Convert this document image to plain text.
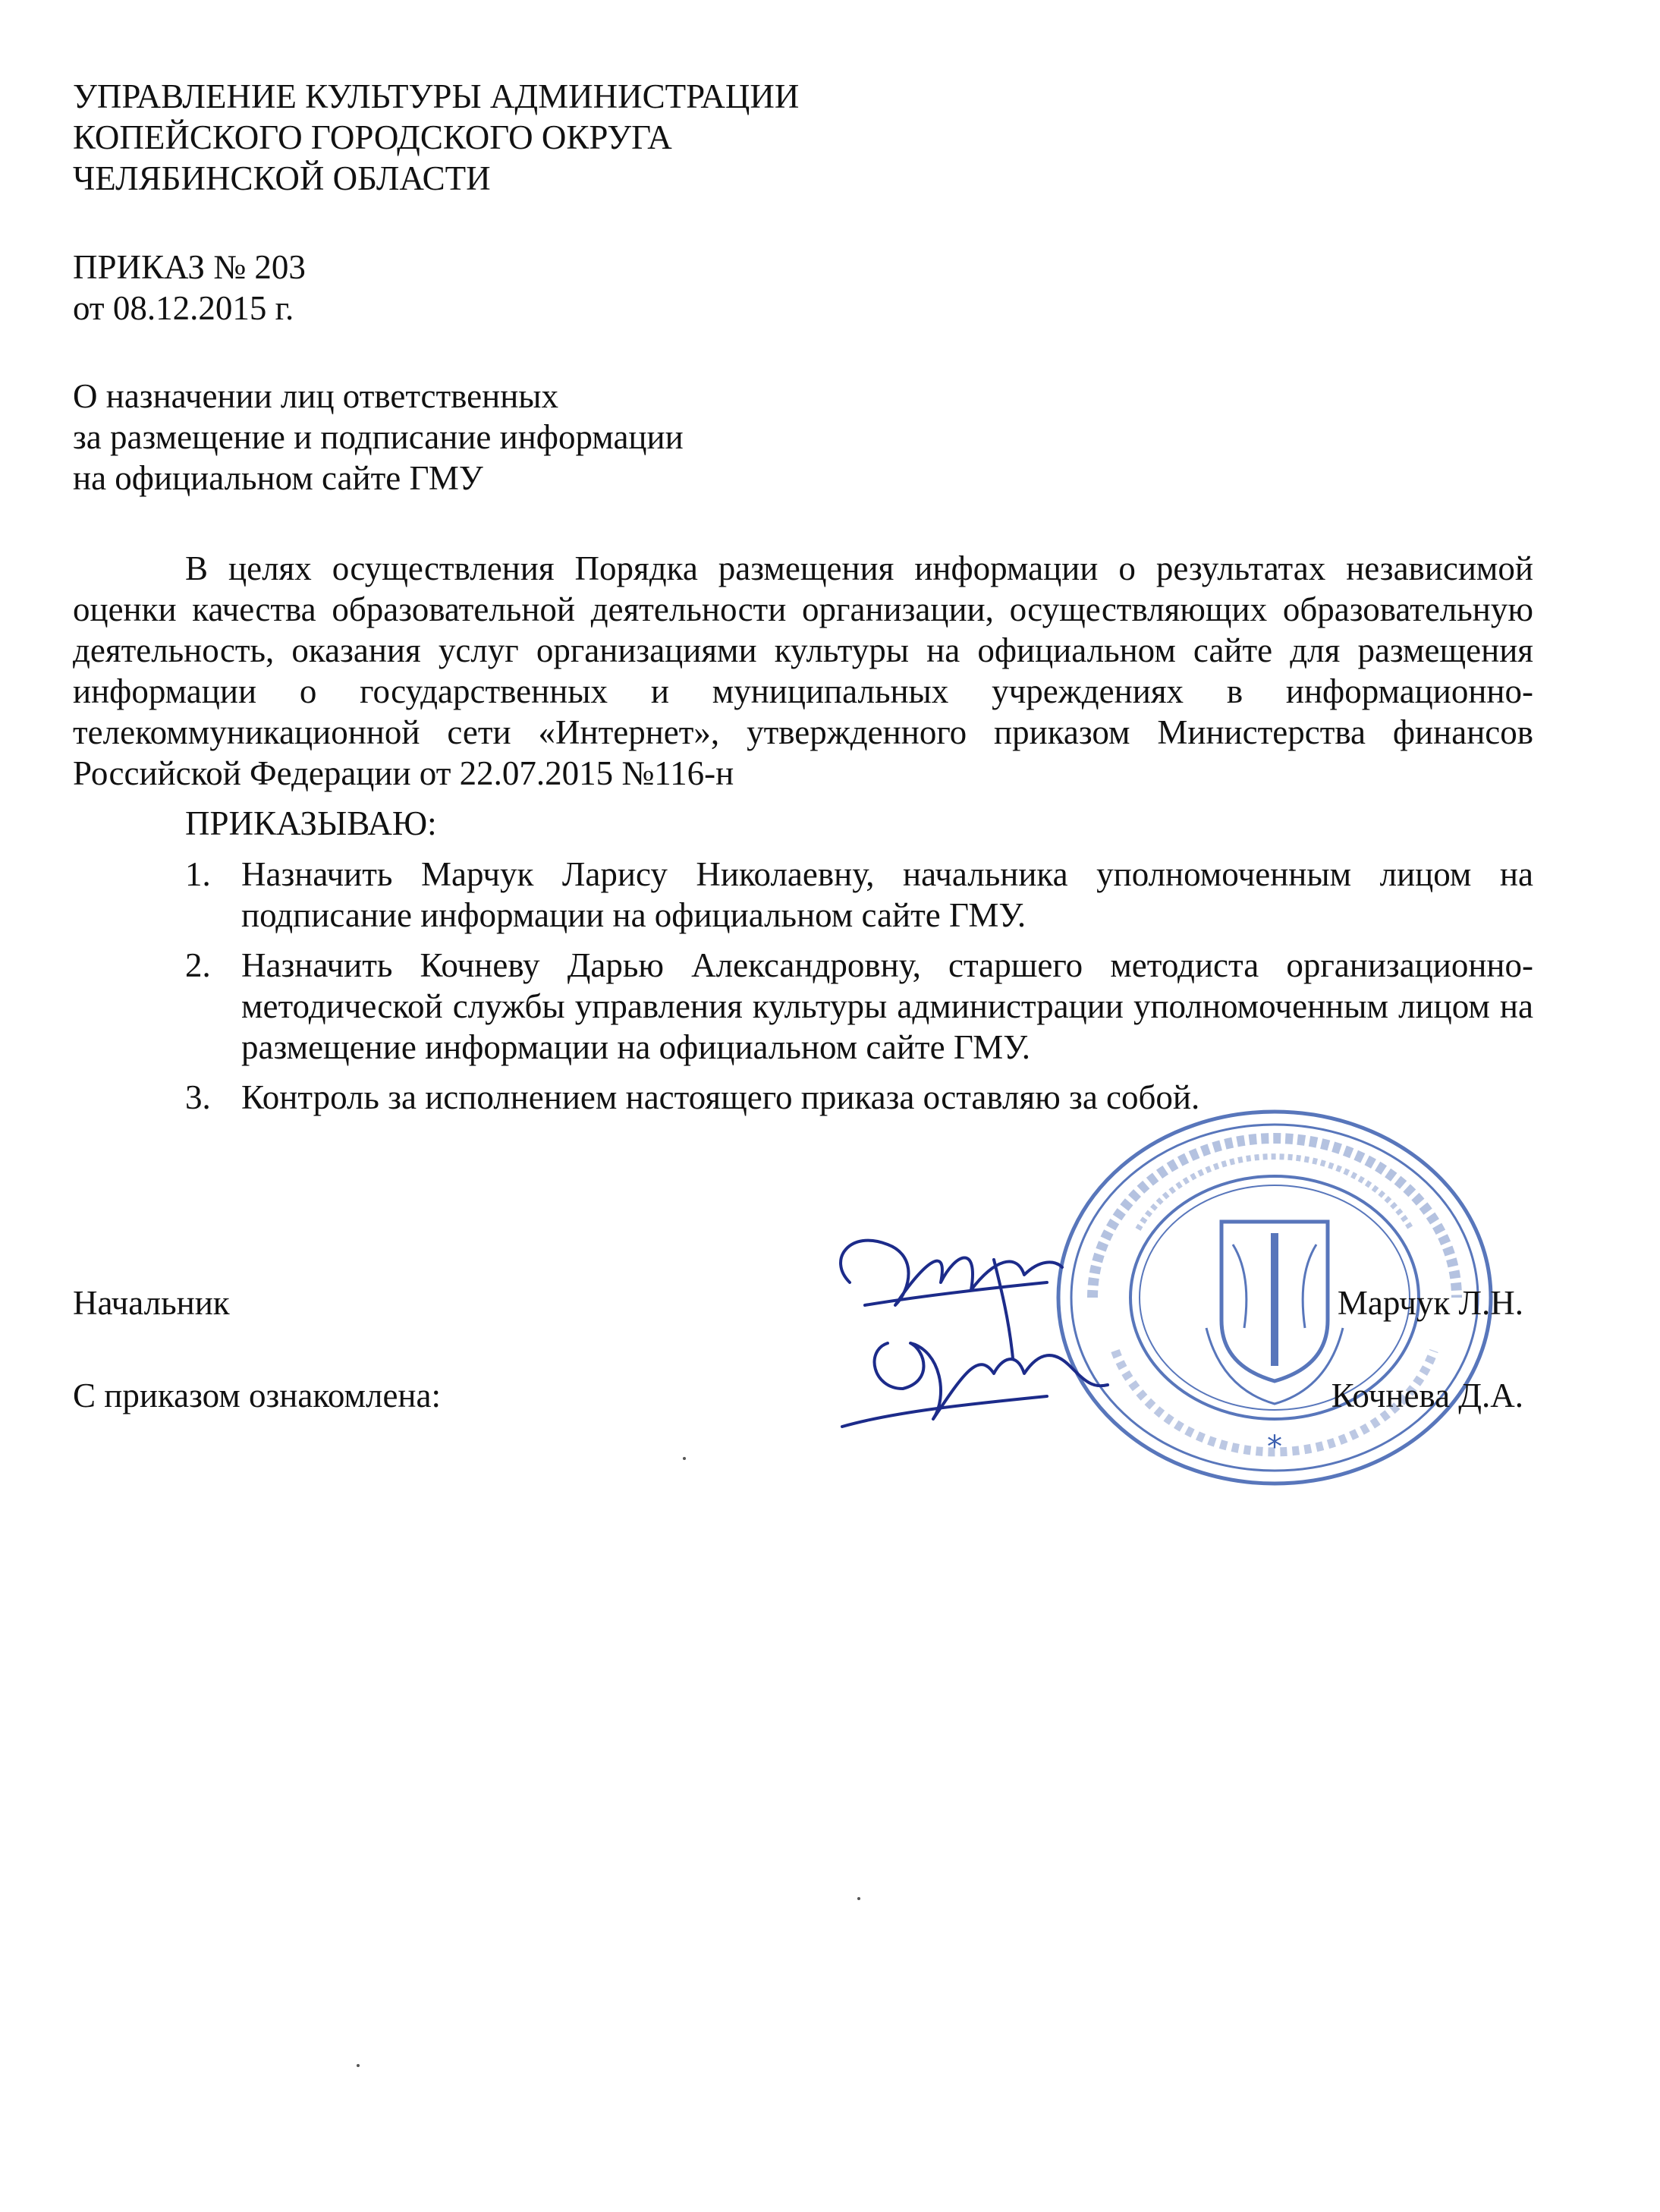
УПРАВЛЕНИЕ КУЛЬТУРЫ АДМИНИСТРАЦИИ
КОПЕЙСКОГО ГОРОДСКОГО ОКРУГА
ЧЕЛЯБИНСКОЙ ОБЛАСТИ
ПРИКАЗ № 203
от 08.12.2015 г.
О назначении лиц ответственных
за размещение и подписание информации
на официальном сайте ГМУ
В целях осуществления Порядка размещения информации о результатах независимой оценки качества образовательной деятельности организации, осуществляющих образовательную деятельность, оказания услуг организациями культуры на официальном сайте для размещения информации о государственных и муниципальных учреждениях в информационно-телекоммуникационной сети «Интернет», утвержденного приказом Министерства финансов Российской Федерации от 22.07.2015 №116-н
ПРИКАЗЫВАЮ:
1. Назначить Марчук Ларису Николаевну, начальника уполномоченным лицом на подписание информации на официальном сайте ГМУ.
2. Назначить Кочневу Дарью Александровну, старшего методиста организационно-методической службы управления культуры администрации уполномоченным лицом на размещение информации на официальном сайте ГМУ.
3. Контроль за исполнением настоящего приказа оставляю за собой.
*
Начальник	Марчук Л.Н.
С приказом ознакомлена:	Кочнева Д.А.
